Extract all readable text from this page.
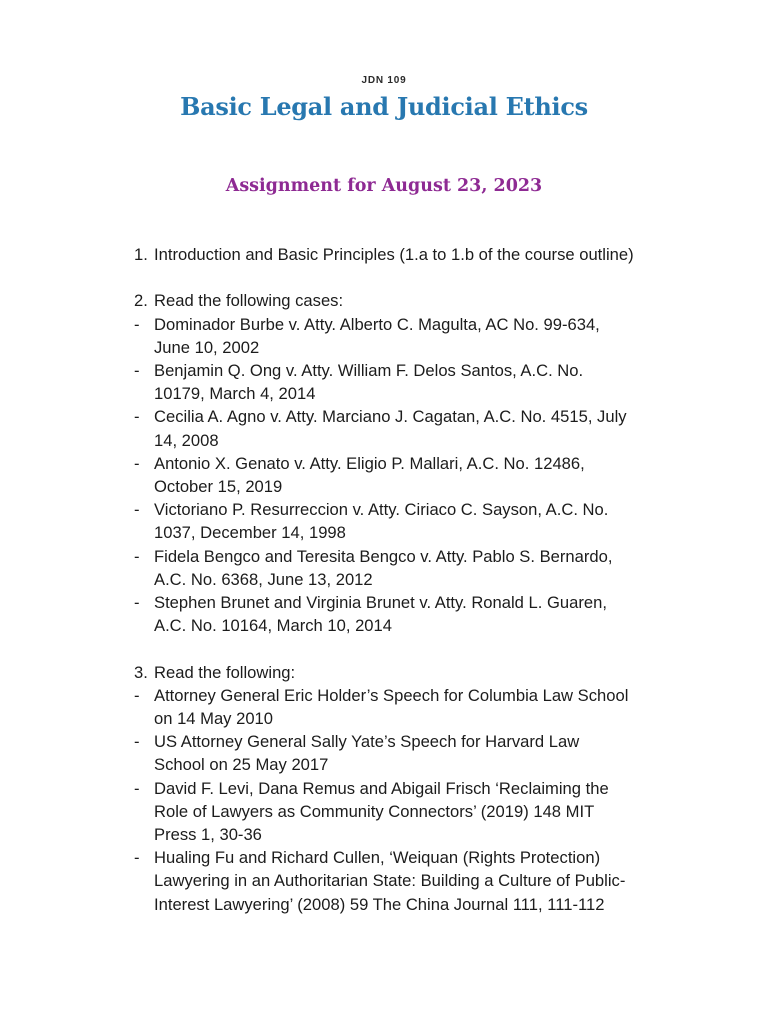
JDN 109
Basic Legal and Judicial Ethics
Assignment for August 23, 2023
1. Introduction and Basic Principles (1.a to 1.b of the course outline)
2. Read the following cases:
- Dominador Burbe v. Atty. Alberto C. Magulta, AC No. 99-634, June 10, 2002
- Benjamin Q. Ong v. Atty. William F. Delos Santos, A.C. No. 10179, March 4, 2014
- Cecilia A. Agno v. Atty. Marciano J. Cagatan, A.C. No. 4515, July 14, 2008
- Antonio X. Genato v. Atty. Eligio P. Mallari, A.C. No. 12486, October 15, 2019
- Victoriano P. Resurreccion v. Atty. Ciriaco C. Sayson, A.C. No. 1037, December 14, 1998
- Fidela Bengco and Teresita Bengco v. Atty. Pablo S. Bernardo, A.C. No. 6368, June 13, 2012
- Stephen Brunet and Virginia Brunet v. Atty. Ronald L. Guaren, A.C. No. 10164, March 10, 2014
3. Read the following:
- Attorney General Eric Holder’s Speech for Columbia Law School on 14 May 2010
- US Attorney General Sally Yate’s Speech for Harvard Law School on 25 May 2017
- David F. Levi, Dana Remus and Abigail Frisch ‘Reclaiming the Role of Lawyers as Community Connectors’ (2019) 148 MIT Press 1, 30-36
- Hualing Fu and Richard Cullen, ‘Weiquan (Rights Protection) Lawyering in an Authoritarian State: Building a Culture of Public-Interest Lawyering’ (2008) 59 The China Journal 111, 111-112
